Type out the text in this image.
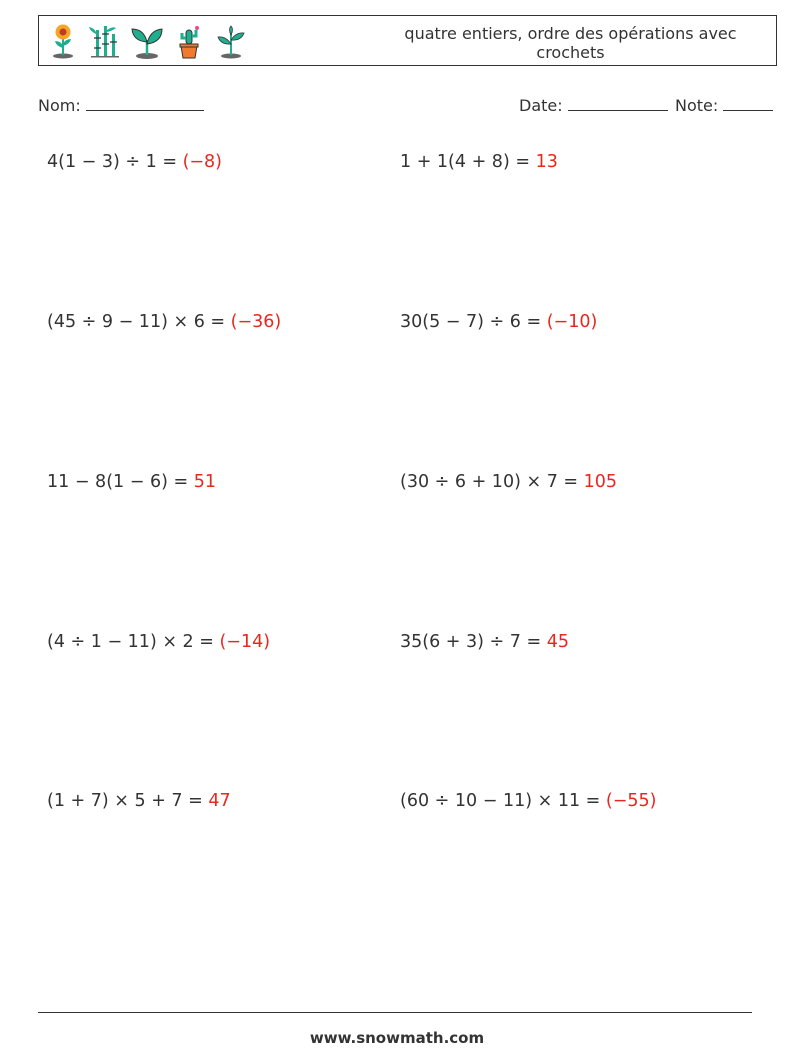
quatre entiers, ordre des opérations avec crochets
Nom:	Date:	Note:
4(1 − 3) ÷ 1 = (−8)	1 + 1(4 + 8) = 13
(45 ÷ 9 − 11) × 6 = (−36)	30(5 − 7) ÷ 6 = (−10)
11 − 8(1 − 6) = 51	(30 ÷ 6 + 10) × 7 = 105
(4 ÷ 1 − 11) × 2 = (−14)	35(6 + 3) ÷ 7 = 45
(1 + 7) × 5 + 7 = 47	(60 ÷ 10 − 11) × 11 = (−55)
www.snowmath.com
